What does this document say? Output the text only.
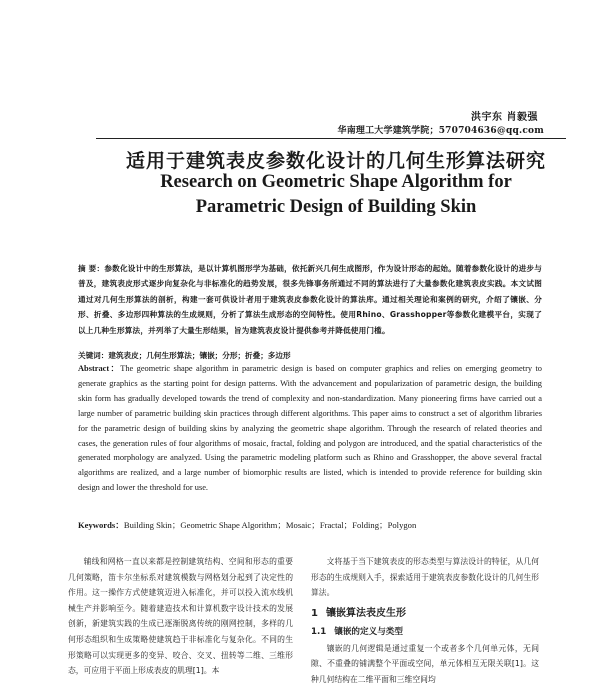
洪宇东 肖毅强
华南理工大学建筑学院；570704636@qq.com
适用于建筑表皮参数化设计的几何生形算法研究
Research on Geometric Shape Algorithm for
Parametric Design of Building Skin
摘 要：参数化设计中的生形算法，是以计算机图形学为基础，依托新兴几何生成图形，作为设计形态的起始。随着参数化设计的进步与普及，建筑表皮形式逐步向复杂化与非标准化的趋势发展，很多先锋事务所通过不同的算法进行了大量参数化建筑表皮实践。本文试图通过对几何生形算法的剖析，构建一套可供设计者用于建筑表皮参数化设计的算法库。通过相关理论和案例的研究，介绍了镶嵌、分形、折叠、多边形四种算法的生成规则，分析了算法生成形态的空间特性。使用Rhino、Grasshopper等参数化建模平台，实现了以上几种生形算法，并列举了大量生形结果，旨为建筑表皮设计提供参考并降低使用门槛。
关键词：建筑表皮；几何生形算法；镶嵌；分形；折叠；多边形
Abstract：The geometric shape algorithm in parametric design is based on computer graphics and relies on emerging geometry to generate graphics as the starting point for design patterns. With the advancement and popularization of parametric design, the building skin form has gradually developed towards the trend of complexity and non-standardization. Many pioneering firms have carried out a large number of parametric building skin practices through different algorithms. This paper aims to construct a set of algorithm libraries for the parametric design of building skins by analyzing the geometric shape algorithm. Through the research of related theories and cases, the generation rules of four algorithms of mosaic, fractal, folding and polygon are introduced, and the spatial characteristics of the generated morphology are analyzed. Using the parametric modeling platform such as Rhino and Grasshopper, the above several fractal algorithms are realized, and a large number of biomorphic results are listed, which is intended to provide reference for building skin design and lower the threshold for use.
Keywords：Building Skin；Geometric Shape Algorithm；Mosaic；Fractal；Folding；Polygon

辅线和网格一直以来都是控制建筑结构、空间和形态的重要几何策略，笛卡尔坐标系对建筑模数与网格划分起到了决定性的作用。这一操作方式使建筑迈进入标准化，并可以投入流水线机械生产并影响至今。随着建造技术和计算机数字设计技术的发展创新，新建筑实践的生成已逐渐脱离传统的刚网控制，多样的几何形态组织和生成策略使建筑趋于非标准化与复杂化。不同的生形策略可以实现更多的变异、咬合、交叉、扭转等二维、三维形态，可应用于平面上形成表皮的肌理[1]。本

文将基于当下建筑表皮的形态类型与算法设计的特征，从几何形态的生成规则入手，探索适用于建筑表皮参数化设计的几何生形算法。

1 镶嵌算法表皮生形
1.1 镶嵌的定义与类型

镶嵌的几何逻辑是通过重复一个或者多个几何单元体，无间隙、不重叠的铺满整个平面或空间，单元体相互无限关联[1]。这种几何结构在二维平面和三维空间均
